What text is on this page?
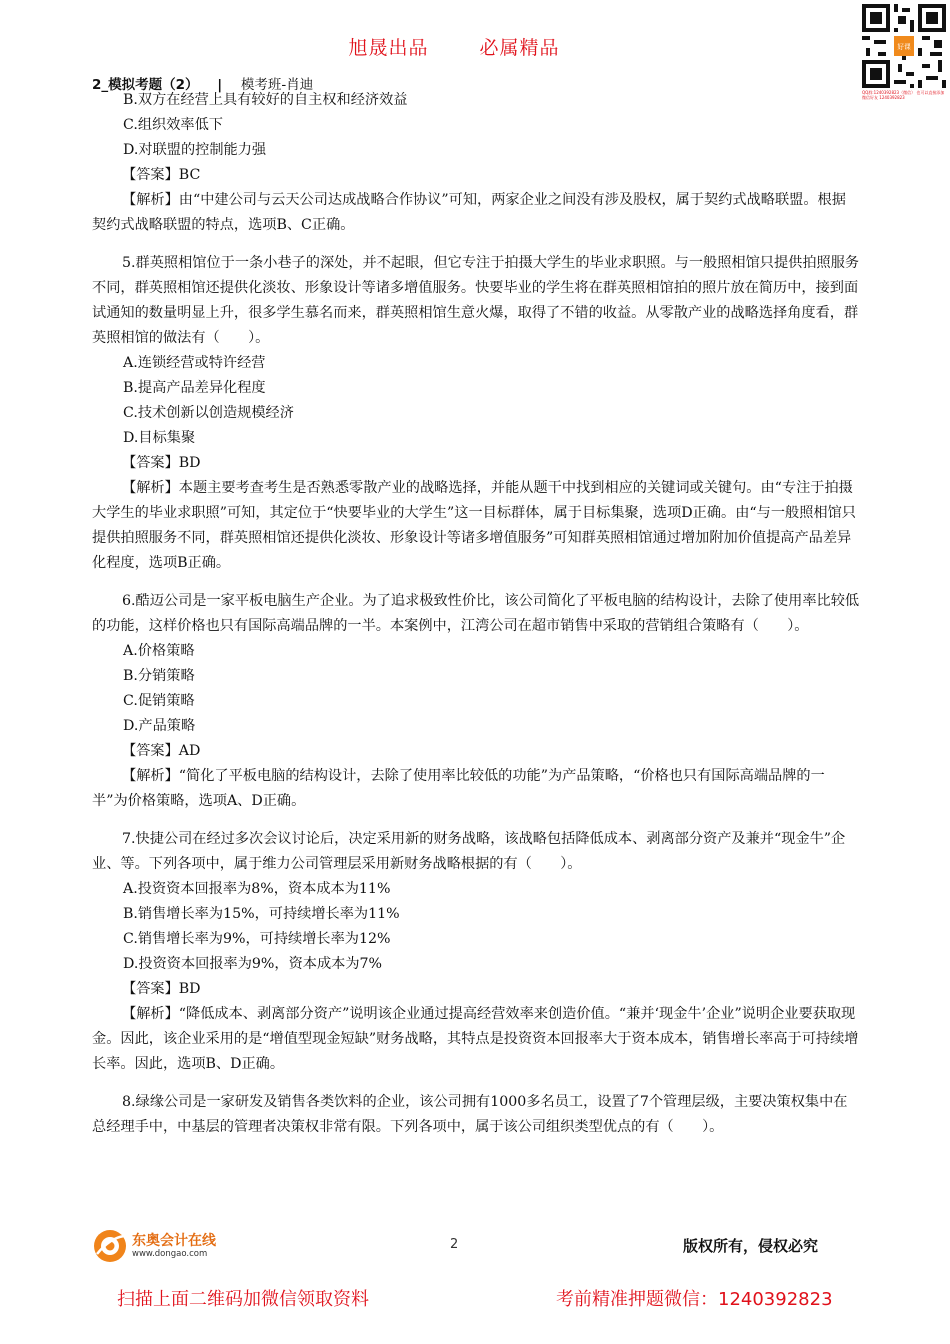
旭晟出品	必属精品
2_模拟考题（2） | 模考班-肖迪
好课
QQ群:1240392823（微信） 也可以直接添加微信好友 1240392823

B.双方在经营上具有较好的自主权和经济效益

C.组织效率低下

D.对联盟的控制能力强

【答案】BC

【解析】由“中建公司与云天公司达成战略合作协议”可知，两家企业之间没有涉及股权，属于契约式战略联盟。根据契约式战略联盟的特点，选项B、C正确。

5.群英照相馆位于一条小巷子的深处，并不起眼，但它专注于拍摄大学生的毕业求职照。与一般照相馆只提供拍照服务不同，群英照相馆还提供化淡妆、形象设计等诸多增值服务。快要毕业的学生将在群英照相馆拍的照片放在简历中，接到面试通知的数量明显上升，很多学生慕名而来，群英照相馆生意火爆，取得了不错的收益。从零散产业的战略选择角度看，群英照相馆的做法有（　　）。

A.连锁经营或特许经营

B.提高产品差异化程度

C.技术创新以创造规模经济

D.目标集聚

【答案】BD

【解析】本题主要考查考生是否熟悉零散产业的战略选择，并能从题干中找到相应的关键词或关键句。由“专注于拍摄大学生的毕业求职照”可知，其定位于“快要毕业的大学生”这一目标群体，属于目标集聚，选项D正确。由“与一般照相馆只提供拍照服务不同，群英照相馆还提供化淡妆、形象设计等诸多增值服务”可知群英照相馆通过增加附加价值提高产品差异化程度，选项B正确。

6.酷迈公司是一家平板电脑生产企业。为了追求极致性价比，该公司简化了平板电脑的结构设计，去除了使用率比较低的功能，这样价格也只有国际高端品牌的一半。本案例中，江湾公司在超市销售中采取的营销组合策略有（　　）。

A.价格策略

B.分销策略

C.促销策略

D.产品策略

【答案】AD

【解析】“简化了平板电脑的结构设计，去除了使用率比较低的功能”为产品策略，“价格也只有国际高端品牌的一半”为价格策略，选项A、D正确。

7.快捷公司在经过多次会议讨论后，决定采用新的财务战略，该战略包括降低成本、剥离部分资产及兼并“现金牛”企业、等。下列各项中，属于维力公司管理层采用新财务战略根据的有（　　）。

A.投资资本回报率为8%，资本成本为11%

B.销售增长率为15%，可持续增长率为11%

C.销售增长率为9%，可持续增长率为12%

D.投资资本回报率为9%，资本成本为7%

【答案】BD

【解析】“降低成本、剥离部分资产”说明该企业通过提高经营效率来创造价值。“兼并‘现金牛’企业”说明企业要获取现金。因此，该企业采用的是“增值型现金短缺”财务战略，其特点是投资资本回报率大于资本成本，销售增长率高于可持续增长率。因此，选项B、D正确。

8.绿缘公司是一家研发及销售各类饮料的企业，该公司拥有1000多名员工，设置了7个管理层级，主要决策权集中在总经理手中，中基层的管理者决策权非常有限。下列各项中，属于该公司组织类型优点的有（　　）。

东奥会计在线
www.dongao.com
2	版权所有，侵权必究
扫描上面二维码加微信领取资料	考前精准押题微信：1240392823
